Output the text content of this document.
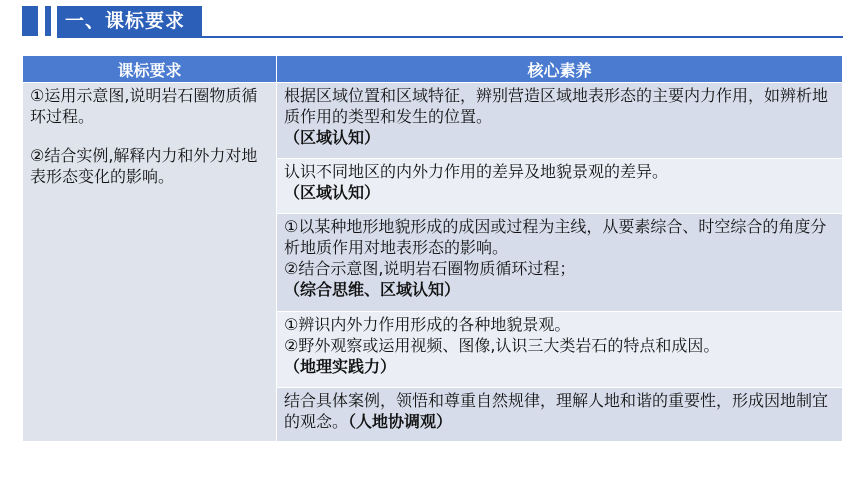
一、课标要求
课标要求	核心素养

①运用示意图,说明岩石圈物质循环过程。
②结合实例,解释内力和外力对地表形态变化的影响。	根据区域位置和区域特征，辨别营造区域地表形态的主要内力作用，如辨析地质作用的类型和发生的位置。
（区域认知）

	认识不同地区的内外力作用的差异及地貌景观的差异。
（区域认知）

	①以某种地形地貌形成的成因或过程为主线，从要素综合、时空综合的角度分析地质作用对地表形态的影响。
②结合示意图,说明岩石圈物质循环过程；
（综合思维、区域认知）

	①辨识内外力作用形成的各种地貌景观。
②野外观察或运用视频、图像,认识三大类岩石的特点和成因。
（地理实践力）

	结合具体案例，领悟和尊重自然规律，理解人地和谐的重要性，形成因地制宜的观念。（人地协调观）
